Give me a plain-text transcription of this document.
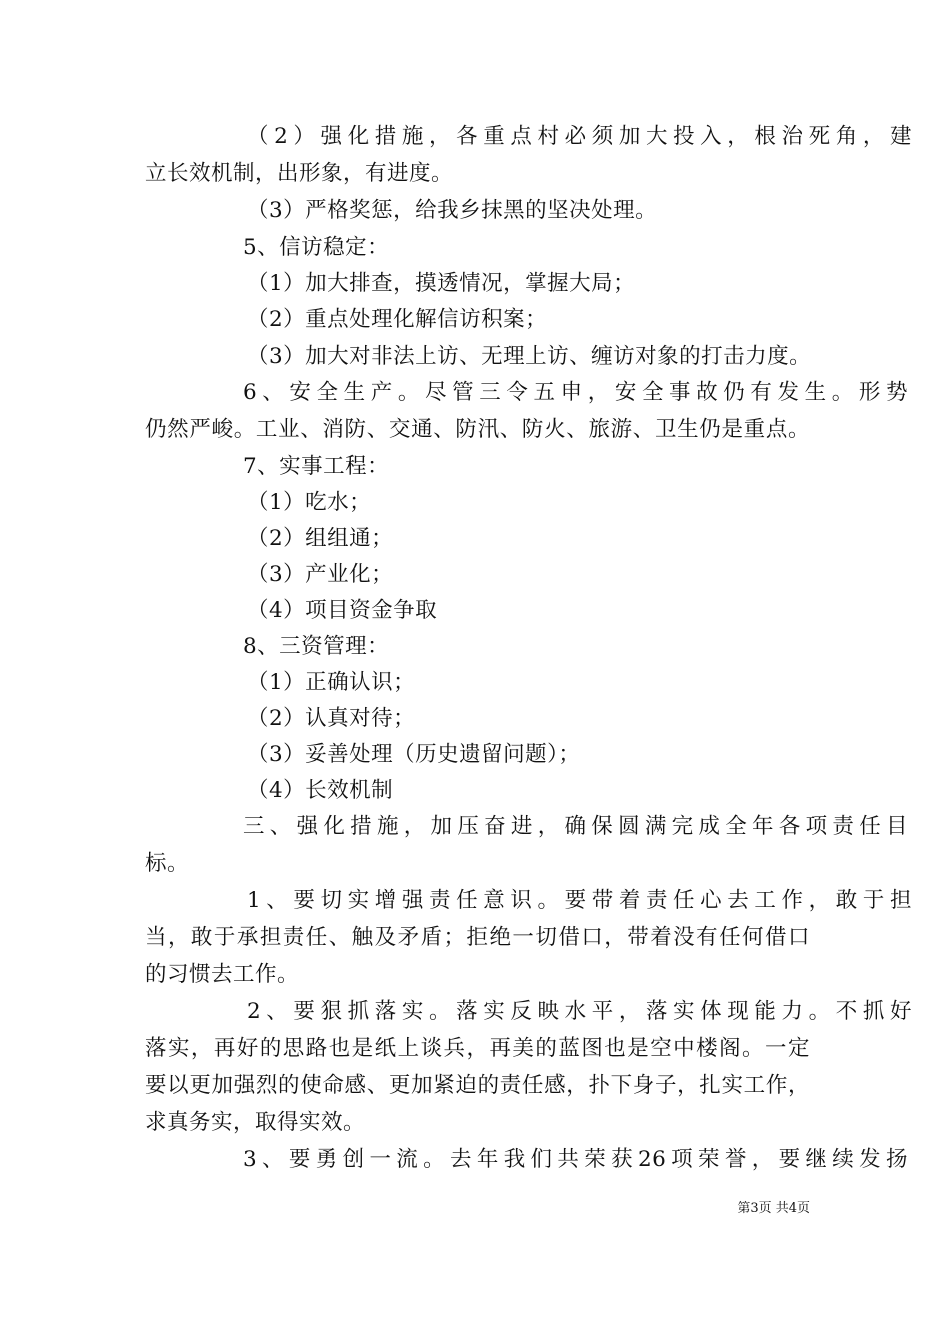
（2）强化措施，各重点村必须加大投入，根治死角，建
立长效机制，出形象，有进度。
（3）严格奖惩，给我乡抹黑的坚决处理。
5、信访稳定：
（1）加大排查，摸透情况，掌握大局；
（2）重点处理化解信访积案；
（3）加大对非法上访、无理上访、缠访对象的打击力度。
6、安全生产。尽管三令五申，安全事故仍有发生。形势
仍然严峻。工业、消防、交通、防汛、防火、旅游、卫生仍是重点。
7、实事工程：
（1）吃水；
（2）组组通；
（3）产业化；
（4）项目资金争取
8、三资管理：
（1）正确认识；
（2）认真对待；
（3）妥善处理（历史遗留问题）；
（4）长效机制
三、强化措施，加压奋进，确保圆满完成全年各项责任目
标。
1、要切实增强责任意识。要带着责任心去工作，敢于担
当，敢于承担责任、触及矛盾；拒绝一切借口，带着没有任何借口
的习惯去工作。
2、要狠抓落实。落实反映水平，落实体现能力。不抓好
落实，再好的思路也是纸上谈兵，再美的蓝图也是空中楼阁。一定
要以更加强烈的使命感、更加紧迫的责任感，扑下身子，扎实工作，
求真务实，取得实效。
3、要勇创一流。去年我们共荣获26项荣誉，要继续发扬
第3页 共4页
